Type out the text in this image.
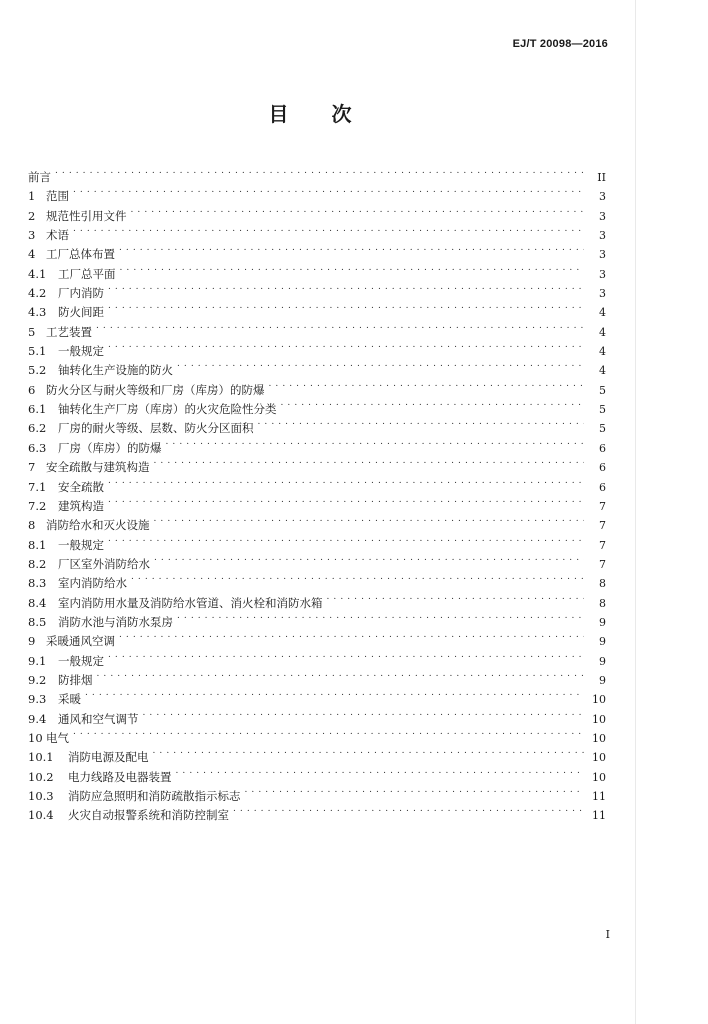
EJ/T 20098—2016
目 次
前言 . . .	II
1 范围 . . .	3
2 规范性引用文件 . . .	3
3 术语 . . .	3
4 工厂总体布置 . . .	3
4.1	工厂总平面 . . .	3
4.2	厂内消防 . . .	3
4.3	防火间距 . . .	4
5 工艺装置 . . .	4
5.1	一般规定 . . .	4
5.2	铀转化生产设施的防火 . . .	4
6 防火分区与耐火等级和厂房（库房）的防爆 . . .	5
6.1	铀转化生产厂房（库房）的火灾危险性分类 . . .	5
6.2	厂房的耐火等级、层数、防火分区面积 . . .	5
6.3	厂房（库房）的防爆 . . .	6
7 安全疏散与建筑构造 . . .	6
7.1	安全疏散 . . .	6
7.2	建筑构造 . . .	7
8 消防给水和灭火设施 . . .	7
8.1	一般规定 . . .	7
8.2	厂区室外消防给水 . . .	7
8.3	室内消防给水 . . .	8
8.4	室内消防用水量及消防给水管道、消火栓和消防水箱 . . .	8
8.5	消防水池与消防水泵房 . . .	9
9 采暖通风空调 . . .	9
9.1	一般规定 . . .	9
9.2	防排烟 . . .	9
9.3	采暖 . . .	10
9.4	通风和空气调节 . . .	10
10 电气 . . .	10
10.1	消防电源及配电 . . .	10
10.2	电力线路及电器装置 . . .	10
10.3	消防应急照明和消防疏散指示标志 . . .	11
10.4	火灾自动报警系统和消防控制室 . . .	11
I
